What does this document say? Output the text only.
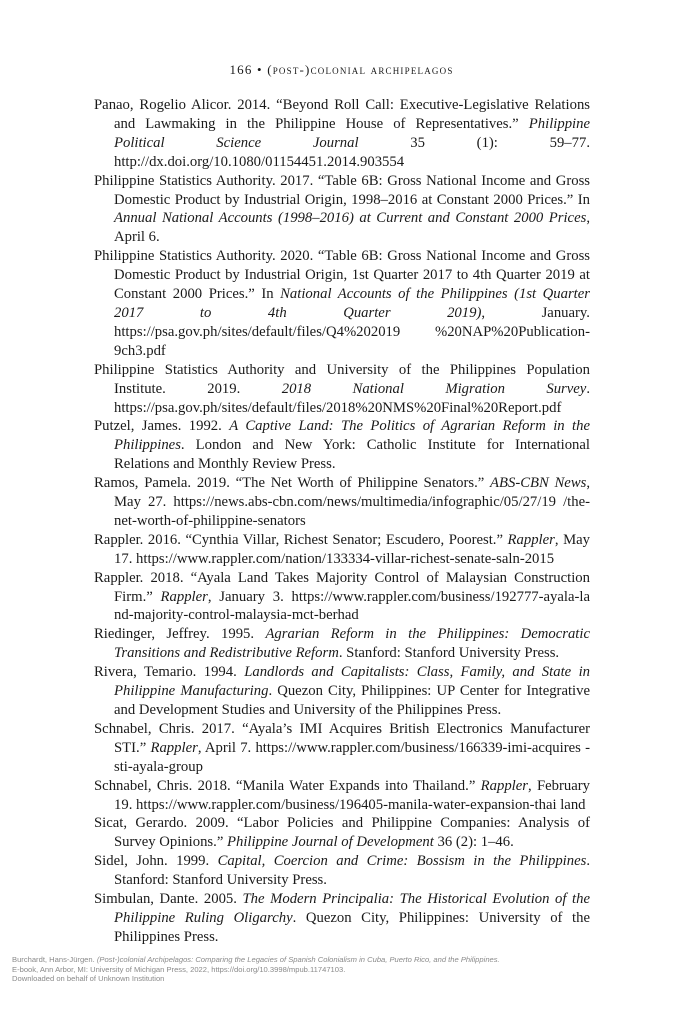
166 • (post-)colonial archipelagos
Panao, Rogelio Alicor. 2014. “Beyond Roll Call: Executive-Legislative Relations and Lawmaking in the Philippine House of Representatives.” Philippine Political Science Journal 35 (1): 59–77. http://dx.doi.org/10.1080/01154451.2014.903554
Philippine Statistics Authority. 2017. “Table 6B: Gross National Income and Gross Domestic Product by Industrial Origin, 1998–2016 at Constant 2000 Prices.” In Annual National Accounts (1998–2016) at Current and Constant 2000 Prices, April 6.
Philippine Statistics Authority. 2020. “Table 6B: Gross National Income and Gross Domestic Product by Industrial Origin, 1st Quarter 2017 to 4th Quarter 2019 at Constant 2000 Prices.” In National Accounts of the Philippines (1st Quarter 2017 to 4th Quarter 2019), January. https://psa.gov.ph/sites/default/files/Q4%202019 %20NAP%20Publication-9ch3.pdf
Philippine Statistics Authority and University of the Philippines Population Institute. 2019. 2018 National Migration Survey. https://psa.gov.ph/sites/default/files/2018%20NMS%20Final%20Report.pdf
Putzel, James. 1992. A Captive Land: The Politics of Agrarian Reform in the Philippines. London and New York: Catholic Institute for International Relations and Monthly Review Press.
Ramos, Pamela. 2019. “The Net Worth of Philippine Senators.” ABS-CBN News, May 27. https://news.abs-cbn.com/news/multimedia/infographic/05/27/19 /the-net-worth-of-philippine-senators
Rappler. 2016. “Cynthia Villar, Richest Senator; Escudero, Poorest.” Rappler, May 17. https://www.rappler.com/nation/133334-villar-richest-senate-saln-2015
Rappler. 2018. “Ayala Land Takes Majority Control of Malaysian Construction Firm.” Rappler, January 3. https://www.rappler.com/business/192777-ayala-la nd-majority-control-malaysia-mct-berhad
Riedinger, Jeffrey. 1995. Agrarian Reform in the Philippines: Democratic Transitions and Redistributive Reform. Stanford: Stanford University Press.
Rivera, Temario. 1994. Landlords and Capitalists: Class, Family, and State in Philippine Manufacturing. Quezon City, Philippines: UP Center for Integrative and Development Studies and University of the Philippines Press.
Schnabel, Chris. 2017. “Ayala’s IMI Acquires British Electronics Manufacturer STI.” Rappler, April 7. https://www.rappler.com/business/166339-imi-acquires -sti-ayala-group
Schnabel, Chris. 2018. “Manila Water Expands into Thailand.” Rappler, February 19. https://www.rappler.com/business/196405-manila-water-expansion-thai land
Sicat, Gerardo. 2009. “Labor Policies and Philippine Companies: Analysis of Survey Opinions.” Philippine Journal of Development 36 (2): 1–46.
Sidel, John. 1999. Capital, Coercion and Crime: Bossism in the Philippines. Stanford: Stanford University Press.
Simbulan, Dante. 2005. The Modern Principalia: The Historical Evolution of the Philippine Ruling Oligarchy. Quezon City, Philippines: University of the Philippines Press.
Burchardt, Hans-Jürgen. (Post-)colonial Archipelagos: Comparing the Legacies of Spanish Colonialism in Cuba, Puerto Rico, and the Philippines.
E-book, Ann Arbor, MI: University of Michigan Press, 2022, https://doi.org/10.3998/mpub.11747103.
Downloaded on behalf of Unknown Institution
